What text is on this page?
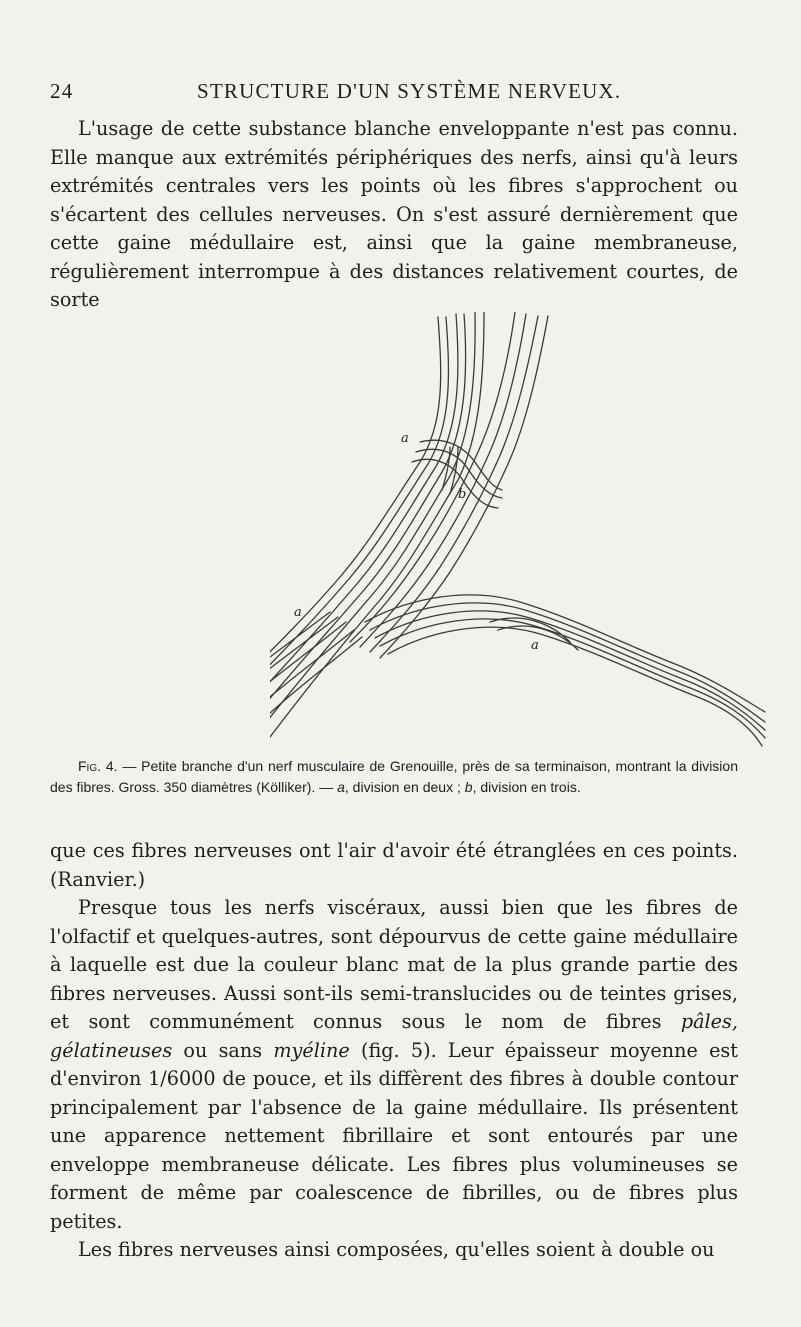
24	STRUCTURE D'UN SYSTÈME NERVEUX.

L'usage de cette substance blanche enveloppante n'est pas connu. Elle manque aux extrémités périphériques des nerfs, ainsi qu'à leurs extrémités centrales vers les points où les fibres s'approchent ou s'écartent des cellules nerveuses. On s'est assuré dernièrement que cette gaine médullaire est, ainsi que la gaine membraneuse, régulièrement interrompue à des distances relativement courtes, de sorte

a
b
a
a

Fig. 4. — Petite branche d'un nerf musculaire de Grenouille, près de sa terminaison, montrant la division des fibres. Gross. 350 diamètres (Kölliker). — a, division en deux ; b, division en trois.

que ces fibres nerveuses ont l'air d'avoir été étranglées en ces points. (Ranvier.)

Presque tous les nerfs viscéraux, aussi bien que les fibres de l'olfactif et quelques-autres, sont dépourvus de cette gaine médullaire à laquelle est due la couleur blanc mat de la plus grande partie des fibres nerveuses. Aussi sont-ils semi-translucides ou de teintes grises, et sont communément connus sous le nom de fibres pâles, gélatineuses ou sans myéline (fig. 5). Leur épaisseur moyenne est d'environ 1/6000 de pouce, et ils diffèrent des fibres à double contour principalement par l'absence de la gaine médullaire. Ils présentent une apparence nettement fibrillaire et sont entourés par une enveloppe membraneuse délicate. Les fibres plus volumineuses se forment de même par coalescence de fibrilles, ou de fibres plus petites.

Les fibres nerveuses ainsi composées, qu'elles soient à double ou
